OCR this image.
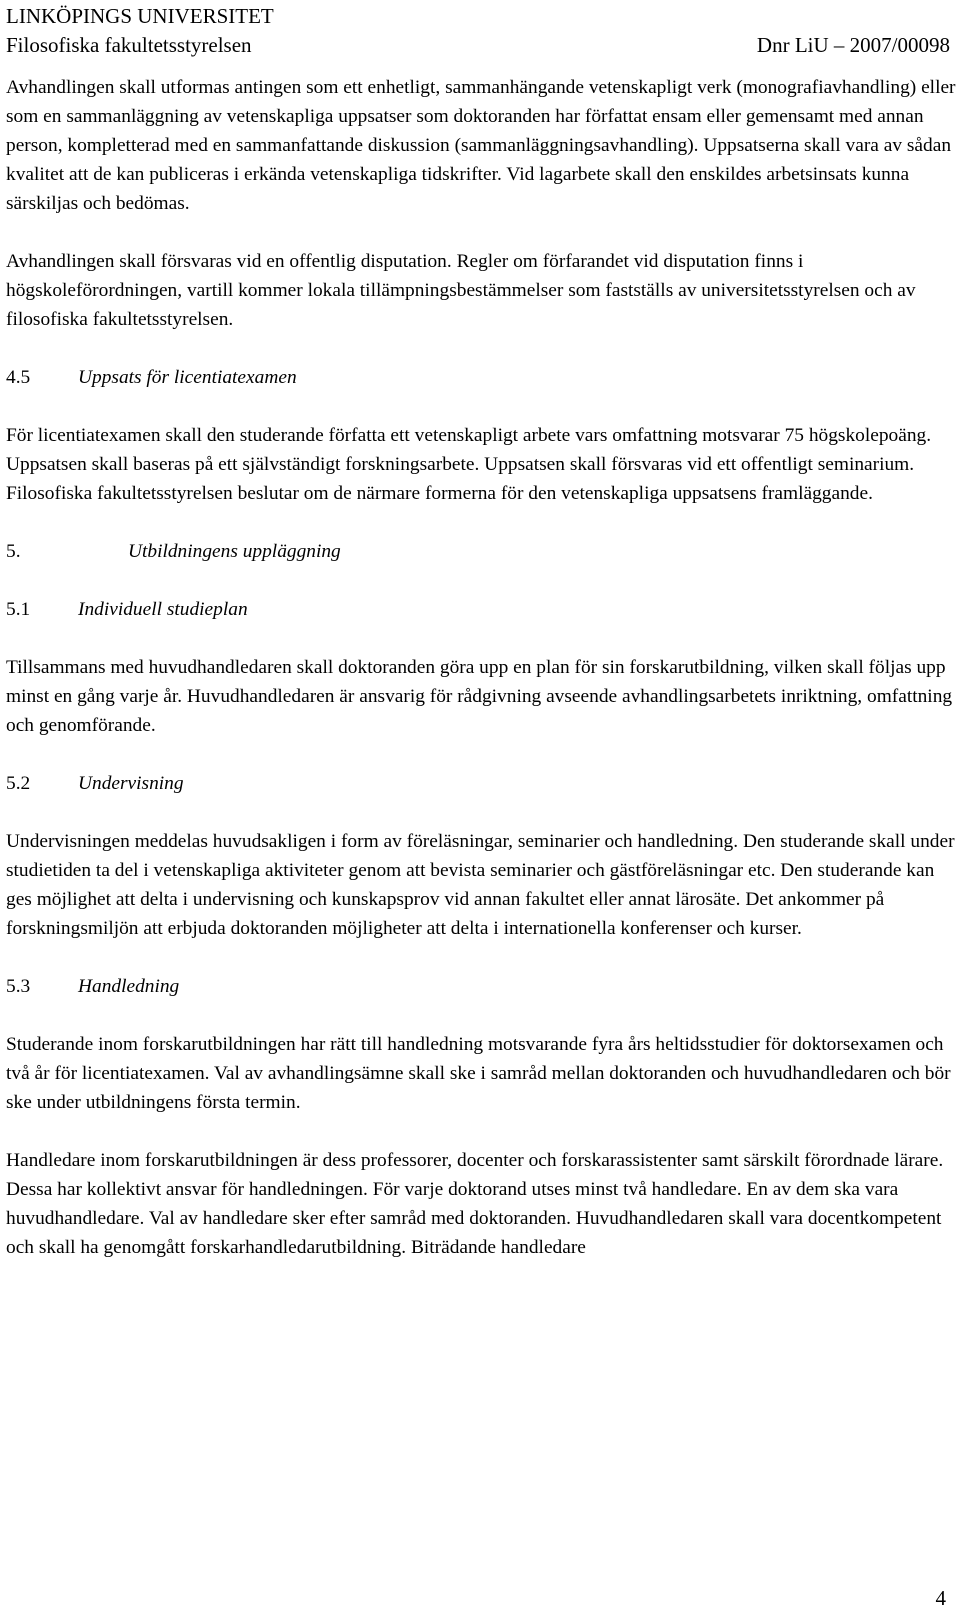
LINKÖPINGS UNIVERSITET
Filosofiska fakultetsstyrelsen	Dnr LiU – 2007/00098

Avhandlingen skall utformas antingen som ett enhetligt, sammanhängande vetenskapligt verk (monografiavhandling) eller som en sammanläggning av vetenskapliga uppsatser som doktoranden har författat ensam eller gemensamt med annan person, kompletterad med en sammanfattande diskussion (sammanläggningsavhandling). Uppsatserna skall vara av sådan kvalitet att de kan publiceras i erkända vetenskapliga tidskrifter. Vid lagarbete skall den enskildes arbetsinsats kunna särskiljas och bedömas.

Avhandlingen skall försvaras vid en offentlig disputation. Regler om förfarandet vid disputation finns i högskoleförordningen, vartill kommer lokala tillämpningsbestämmelser som fastställs av universitetsstyrelsen och av filosofiska fakultetsstyrelsen.

4.5	Uppsats för licentiatexamen

För licentiatexamen skall den studerande författa ett vetenskapligt arbete vars omfattning motsvarar 75 högskolepoäng. Uppsatsen skall baseras på ett självständigt forskningsarbete. Uppsatsen skall försvaras vid ett offentligt seminarium. Filosofiska fakultetsstyrelsen beslutar om de närmare formerna för den vetenskapliga uppsatsens framläggande.

5.	Utbildningens uppläggning
5.1	Individuell studieplan

Tillsammans med huvudhandledaren skall doktoranden göra upp en plan för sin forskarutbildning, vilken skall följas upp minst en gång varje år. Huvudhandledaren är ansvarig för rådgivning avseende avhandlingsarbetets inriktning, omfattning och genomförande.

5.2	Undervisning

Undervisningen meddelas huvudsakligen i form av föreläsningar, seminarier och handledning. Den studerande skall under studietiden ta del i vetenskapliga aktiviteter genom att bevista seminarier och gästföreläsningar etc. Den studerande kan ges möjlighet att delta i undervisning och kunskapsprov vid annan fakultet eller annat lärosäte. Det ankommer på forskningsmiljön att erbjuda doktoranden möjligheter att delta i internationella konferenser och kurser.

5.3	Handledning

Studerande inom forskarutbildningen har rätt till handledning motsvarande fyra års heltidsstudier för doktorsexamen och två år för licentiatexamen. Val av avhandlingsämne skall ske i samråd mellan doktoranden och huvudhandledaren och bör ske under utbildningens första termin.

Handledare inom forskarutbildningen är dess professorer, docenter och forskarassistenter samt särskilt förordnade lärare. Dessa har kollektivt ansvar för handledningen. För varje doktorand utses minst två handledare. En av dem ska vara huvudhandledare. Val av handledare sker efter samråd med doktoranden. Huvudhandledaren skall vara docentkompetent och skall ha genomgått forskarhandledarutbildning. Biträdande handledare

4
